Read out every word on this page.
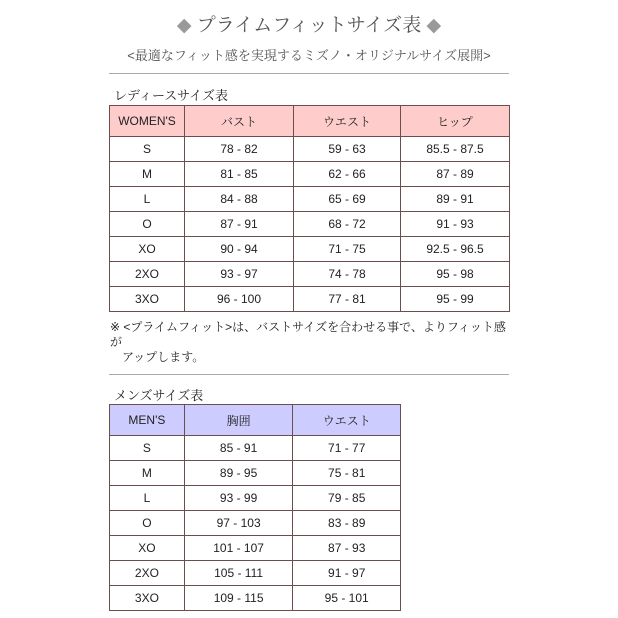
◆ プライムフィットサイズ表 ◆
<最適なフィット感を実現するミズノ・オリジナルサイズ展開>
レディースサイズ表
WOMEN'S	バスト	ウエスト	ヒップ
S	78 - 82	59 - 63	85.5 - 87.5
M	81 - 85	62 - 66	87 - 89
L	84 - 88	65 - 69	89 - 91
O	87 - 91	68 - 72	91 - 93
XO	90 - 94	71 - 75	92.5 - 96.5
2XO	93 - 97	74 - 78	95 - 98
3XO	96 - 100	77 - 81	95 - 99
※ <プライムフィット>は、バストサイズを合わせる事で、よりフィット感が
アップします。
メンズサイズ表
MEN'S	胸囲	ウエスト
S	85 - 91	71 - 77
M	89 - 95	75 - 81
L	93 - 99	79 - 85
O	97 - 103	83 - 89
XO	101 - 107	87 - 93
2XO	105 - 111	91 - 97
3XO	109 - 115	95 - 101
